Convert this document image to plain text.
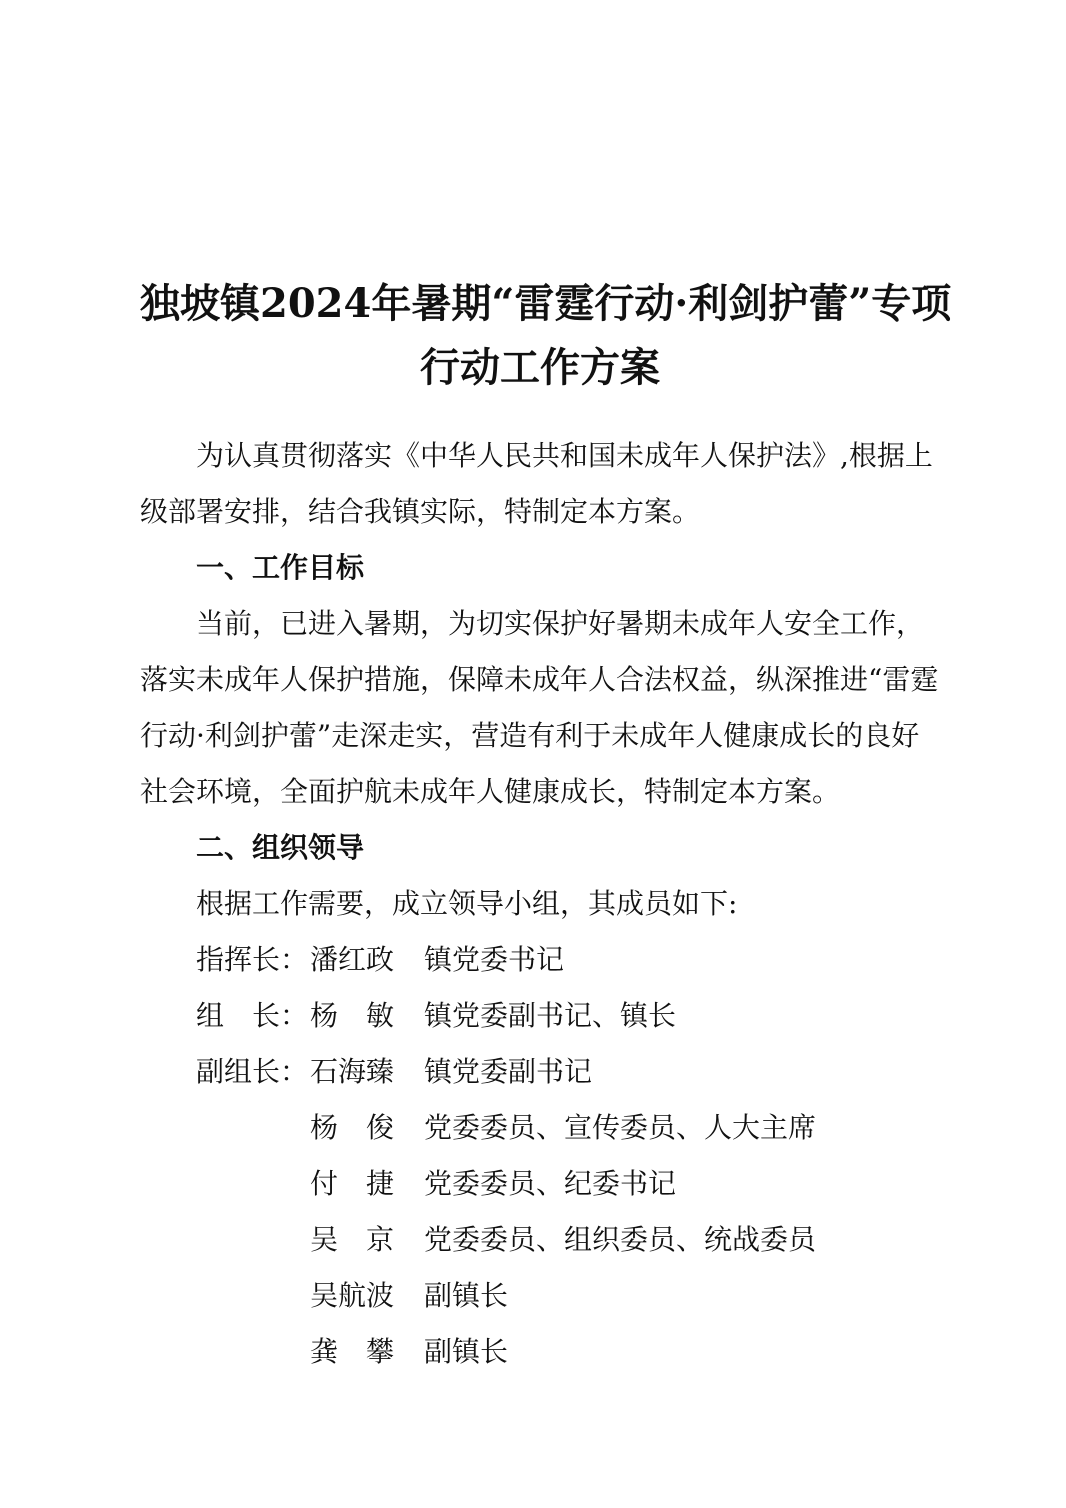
独坡镇2024年暑期“雷霆行动·利剑护蕾”专项
行动工作方案
为认真贯彻落实《中华人民共和国未成年人保护法》,根据上
级部署安排，结合我镇实际，特制定本方案。
一、工作目标
当前，已进入暑期，为切实保护好暑期未成年人安全工作，
落实未成年人保护措施，保障未成年人合法权益，纵深推进“雷霆
行动·利剑护蕾”走深走实，营造有利于未成年人健康成长的良好
社会环境，全面护航未成年人健康成长，特制定本方案。
二、组织领导
根据工作需要，成立领导小组，其成员如下:
指挥长： 潘红政 镇党委书记
组　长： 杨　敏 镇党委副书记、镇长
副组长： 石海臻 镇党委副书记
杨　俊 党委委员、宣传委员、人大主席
付　捷 党委委员、纪委书记
吴　京 党委委员、组织委员、统战委员
吴航波 副镇长
龚　攀 副镇长
